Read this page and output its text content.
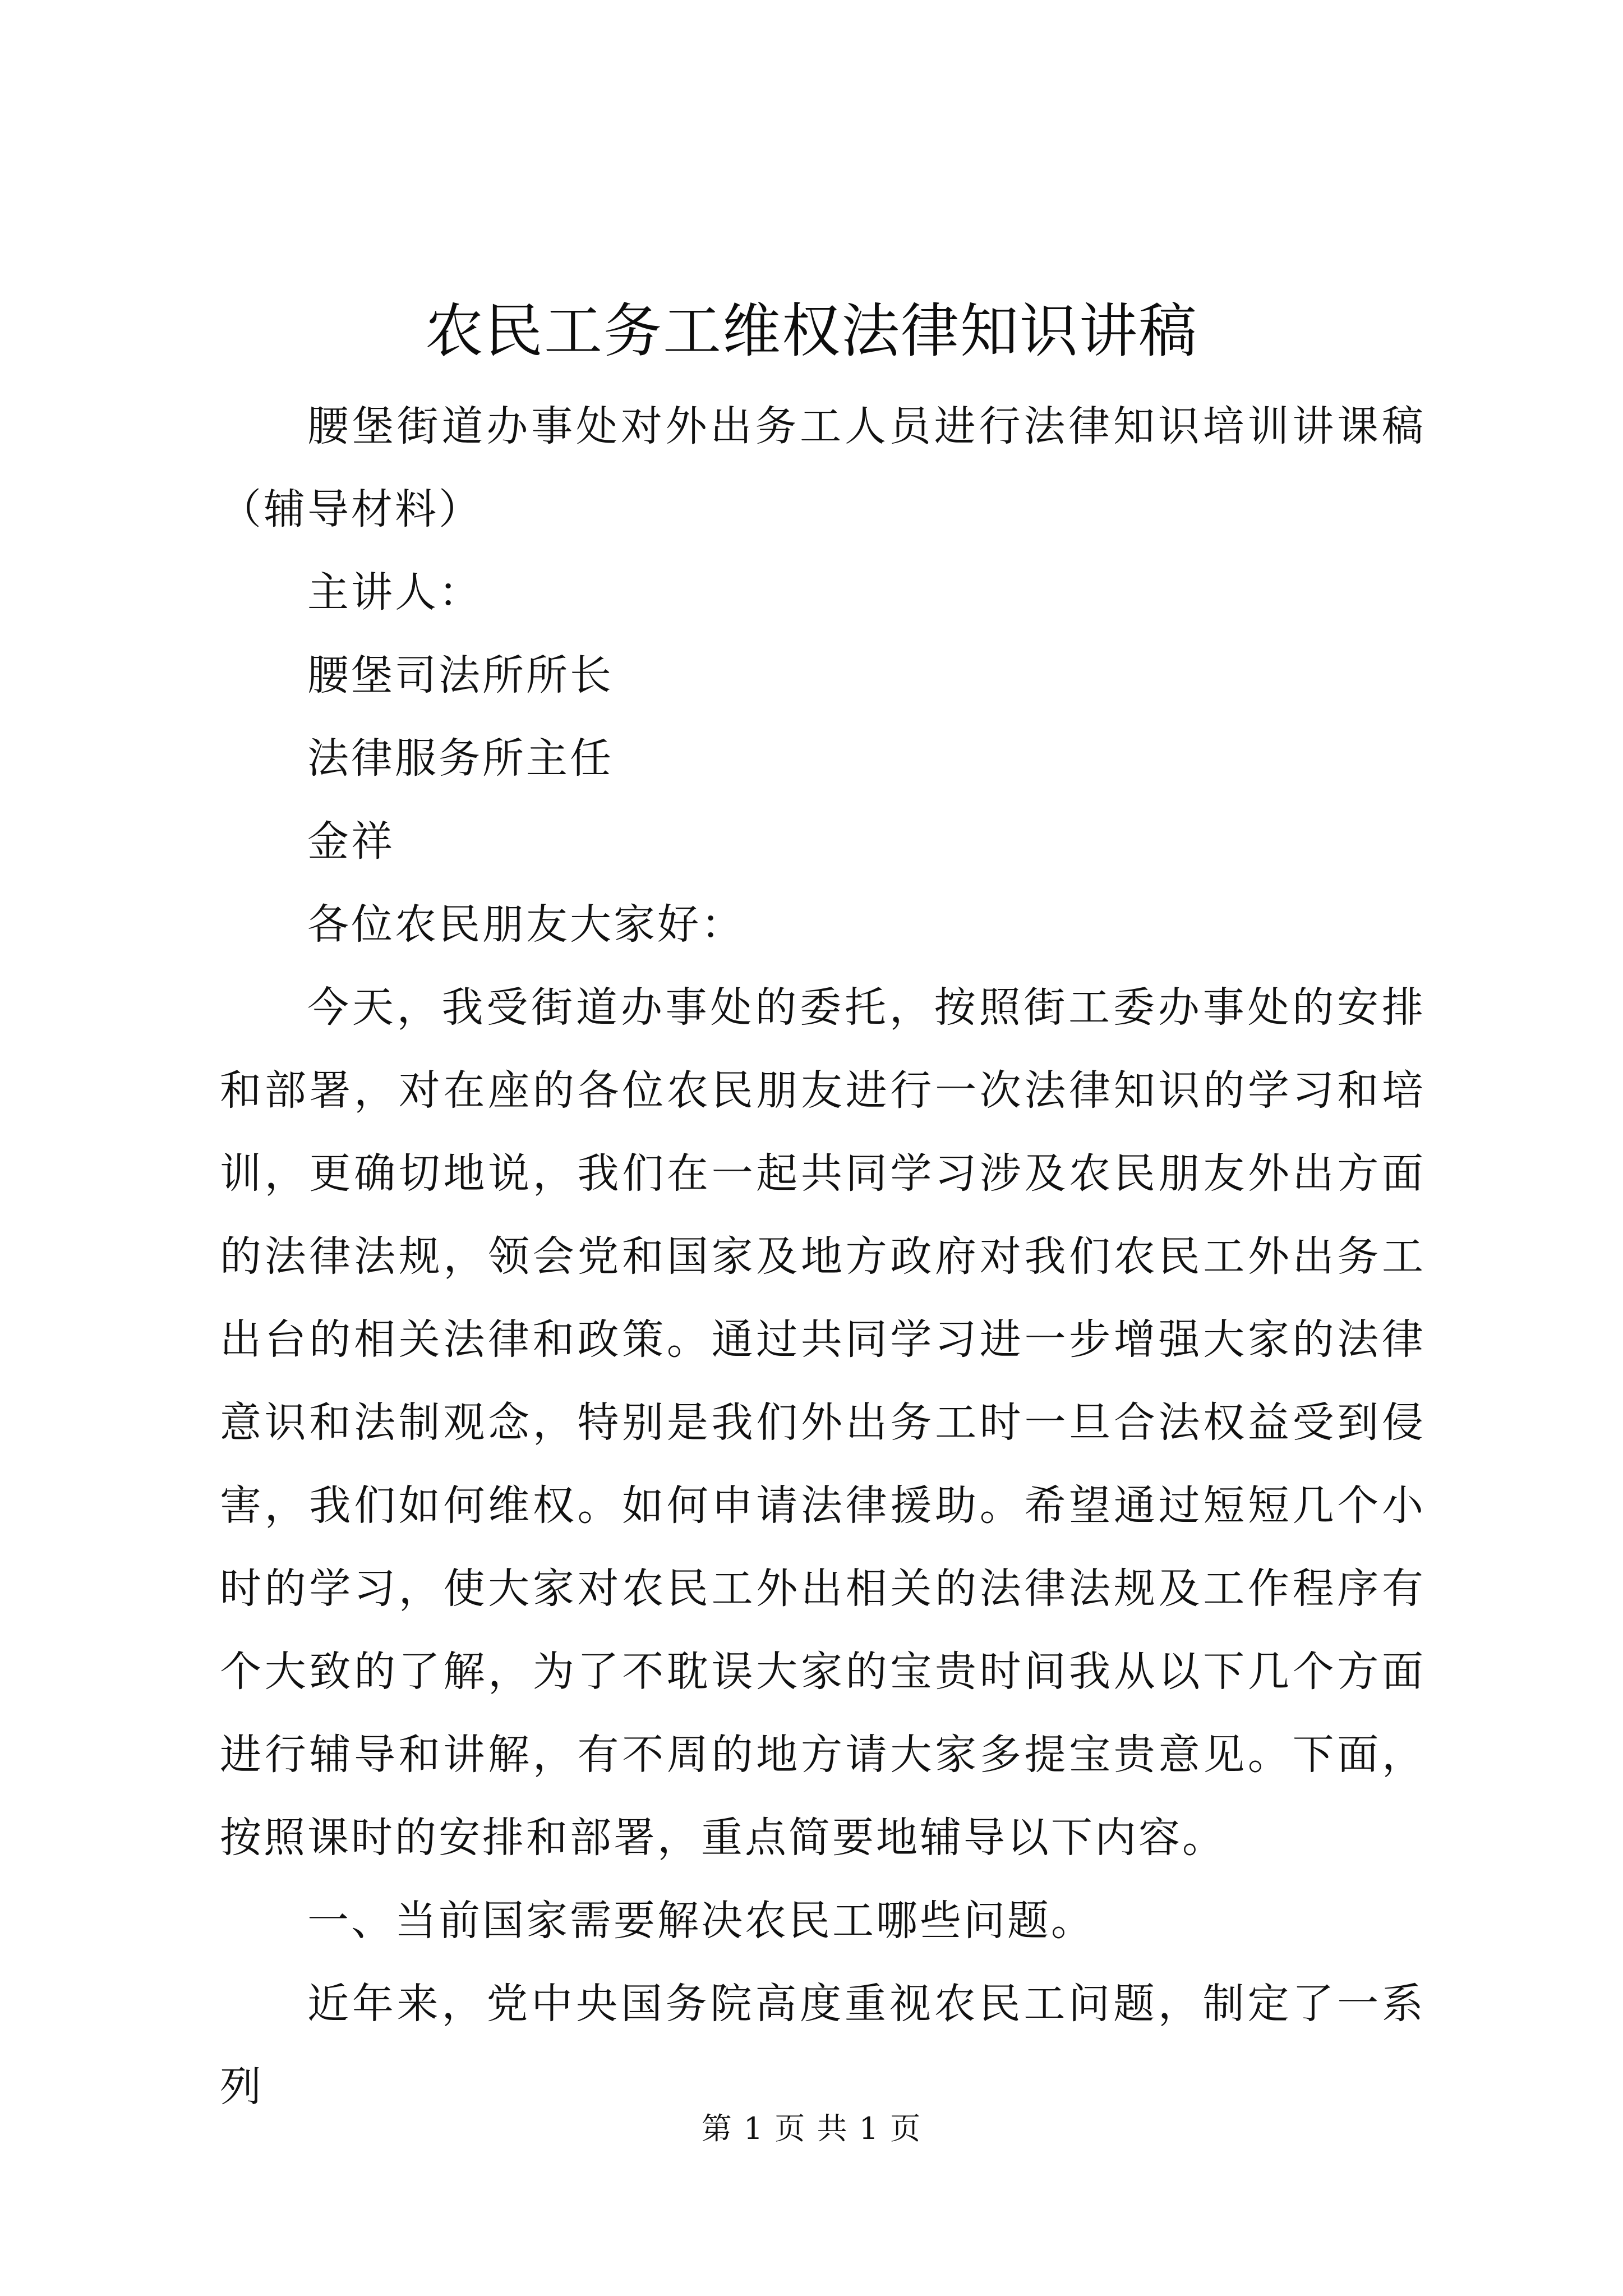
农民工务工维权法律知识讲稿

腰堡街道办事处对外出务工人员进行法律知识培训讲课稿（辅导材料）

主讲人：

腰堡司法所所长

法律服务所主任

金祥

各位农民朋友大家好：

今天，我受街道办事处的委托，按照街工委办事处的安排和部署，对在座的各位农民朋友进行一次法律知识的学习和培训，更确切地说，我们在一起共同学习涉及农民朋友外出方面的法律法规，领会党和国家及地方政府对我们农民工外出务工出台的相关法律和政策。通过共同学习进一步增强大家的法律意识和法制观念，特别是我们外出务工时一旦合法权益受到侵害，我们如何维权。如何申请法律援助。希望通过短短几个小时的学习，使大家对农民工外出相关的法律法规及工作程序有个大致的了解，为了不耽误大家的宝贵时间我从以下几个方面进行辅导和讲解，有不周的地方请大家多提宝贵意见。下面，按照课时的安排和部署，重点简要地辅导以下内容。

一、当前国家需要解决农民工哪些问题。

近年来，党中央国务院高度重视农民工问题，制定了一系列

第 1 页 共 1 页
